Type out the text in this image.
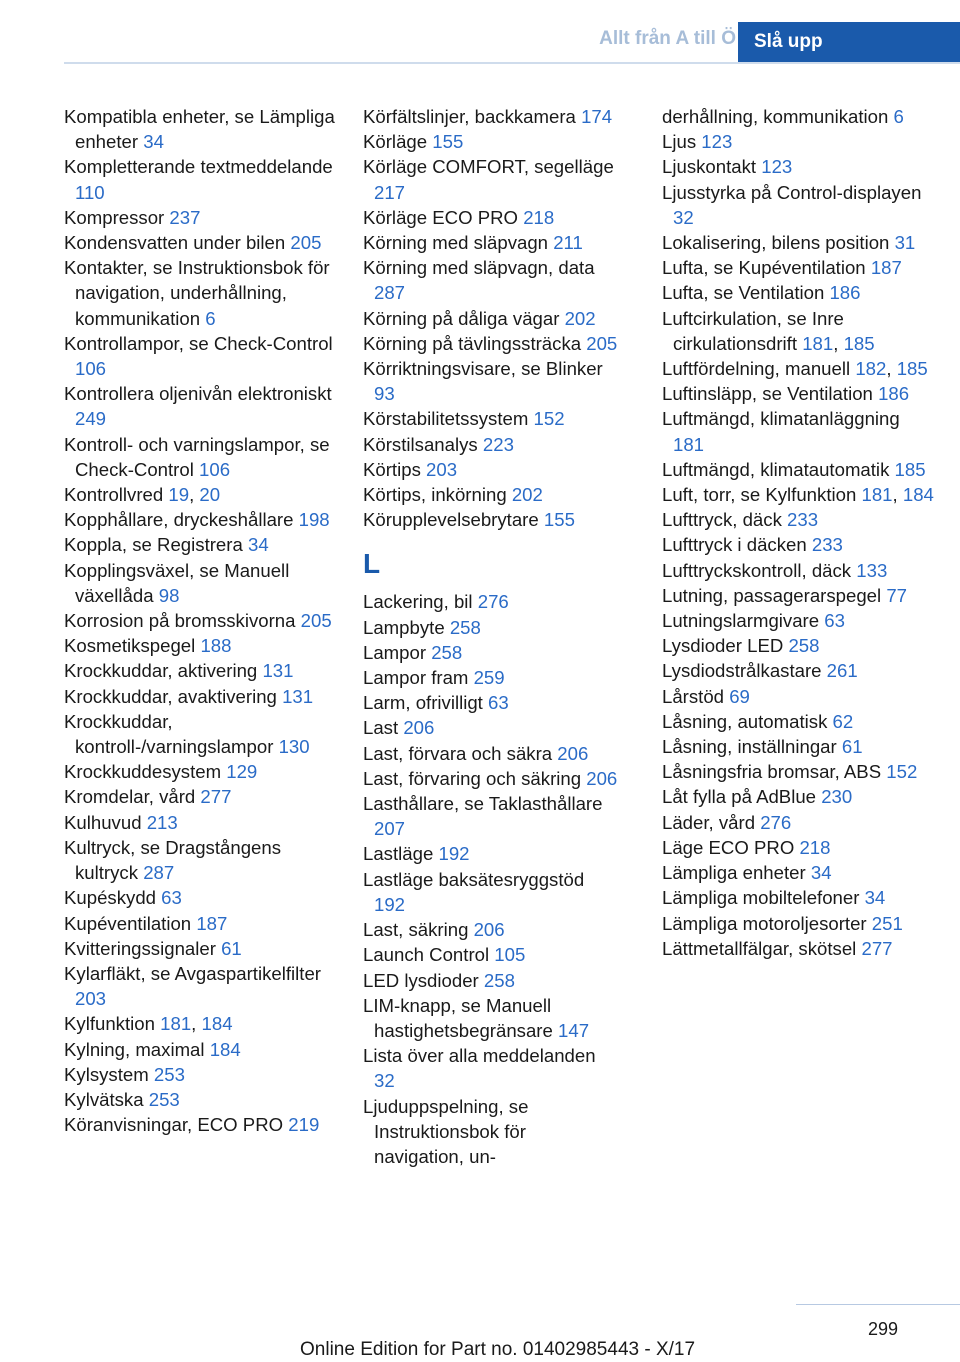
Allt från A till Ö Slå upp
Kompatibla enheter, se Lämpliga enheter 34
Kompletterande textmeddelande 110
Kompressor 237
Kondensvatten under bilen 205
Kontakter, se Instruktionsbok för navigation, underhållning, kommunikation 6
Kontrollampor, se Check-Control 106
Kontrollera oljenivån elektroniskt 249
Kontroll- och varningslampor, se Check-Control 106
Kontrollvred 19, 20
Kopphållare, dryckeshållare 198
Koppla, se Registrera 34
Kopplingsväxel, se Manuell växellåda 98
Korrosion på bromsskivorna 205
Kosmetikspegel 188
Krockkuddar, aktivering 131
Krockkuddar, avaktivering 131
Krockkuddar, kontroll-/varningslampor 130
Krockkuddesystem 129
Kromdelar, vård 277
Kulhuvud 213
Kultryck, se Dragstångens kultryck 287
Kupéskydd 63
Kupéventilation 187
Kvitteringssignaler 61
Kylarfläkt, se Avgaspartikelfilter 203
Kylfunktion 181, 184
Kylning, maximal 184
Kylsystem 253
Kylvätska 253
Köranvisningar, ECO PRO 219
Körfältslinjer, backkamera 174
Körläge 155
Körläge COMFORT, segelläge 217
Körläge ECO PRO 218
Körning med släpvagn 211
Körning med släpvagn, data 287
Körning på dåliga vägar 202
Körning på tävlingssträcka 205
Körriktningsvisare, se Blinker 93
Körstabilitetssystem 152
Körstilsanalys 223
Körtips 203
Körtips, inkörning 202
Körupplevelsebrytare 155
L
Lackering, bil 276
Lampbyte 258
Lampor 258
Lampor fram 259
Larm, ofrivilligt 63
Last 206
Last, förvara och säkra 206
Last, förvaring och säkring 206
Lasthållare, se Taklasthållare 207
Lastläge 192
Lastläge baksätesryggstöd 192
Last, säkring 206
Launch Control 105
LED lysdioder 258
LIM-knapp, se Manuell hastighetsbegränsare 147
Lista över alla meddelanden 32
Ljuduppspelning, se Instruktionsbok för navigation, un-
derhållning, kommunikation 6
Ljus 123
Ljuskontakt 123
Ljusstyrka på Control-displayen 32
Lokalisering, bilens position 31
Lufta, se Kupéventilation 187
Lufta, se Ventilation 186
Luftcirkulation, se Inre cirkulationsdrift 181, 185
Luftfördelning, manuell 182, 185
Luftinsläpp, se Ventilation 186
Luftmängd, klimatanläggning 181
Luftmängd, klimatautomatik 185
Luft, torr, se Kylfunktion 181, 184
Lufttryck, däck 233
Lufttryck i däcken 233
Lufttryckskontroll, däck 133
Lutning, passagerarspegel 77
Lutningslarmgivare 63
Lysdioder LED 258
Lysdiodstrålkastare 261
Lårstöd 69
Låsning, automatisk 62
Låsning, inställningar 61
Låsningsfria bromsar, ABS 152
Låt fylla på AdBlue 230
Läder, vård 276
Läge ECO PRO 218
Lämpliga enheter 34
Lämpliga mobiltelefoner 34
Lämpliga motoroljesorter 251
Lättmetallfälgar, skötsel 277
299
Online Edition for Part no. 01402985443 - X/17
